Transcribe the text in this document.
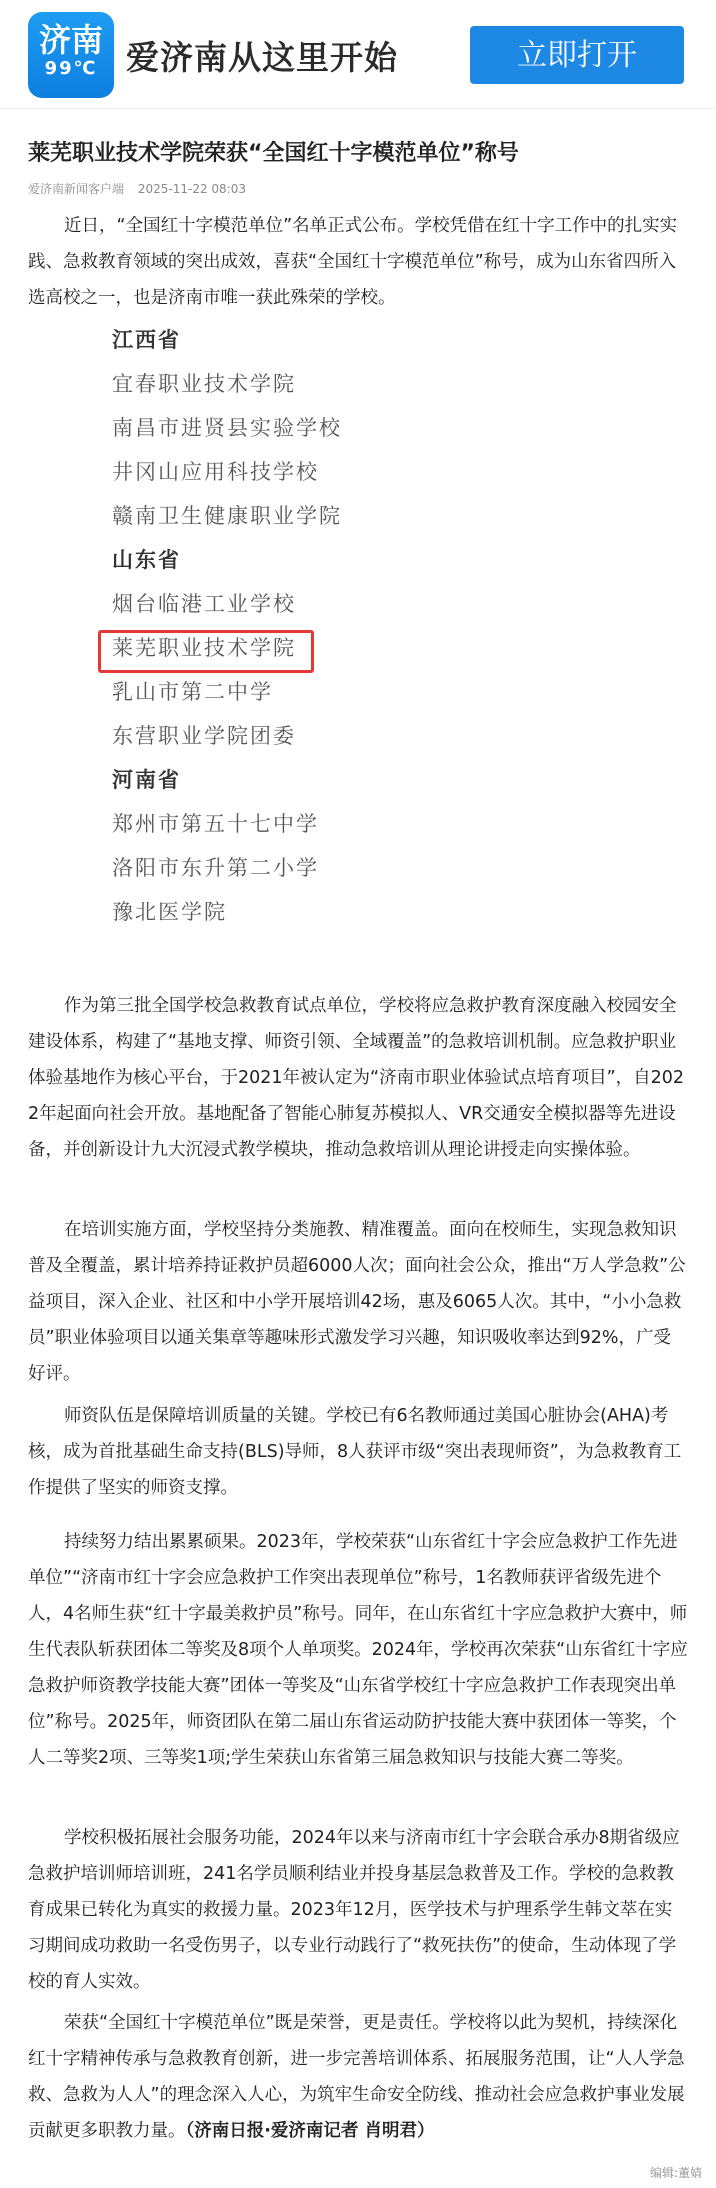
济南
99℃ 爱济南从这里开始	立即打开
莱芜职业技术学院荣获“全国红十字模范单位”称号
爱济南新闻客户端 2025-11-22 08:03

近日，“全国红十字模范单位”名单正式公布。学校凭借在红十字工作中的扎实实践、急救教育领域的突出成效，喜获“全国红十字模范单位”称号，成为山东省四所入选高校之一，也是济南市唯一获此殊荣的学校。

江西省
宜春职业技术学院
南昌市进贤县实验学校
井冈山应用科技学校
赣南卫生健康职业学院
山东省
烟台临港工业学校
莱芜职业技术学院
乳山市第二中学
东营职业学院团委
河南省
郑州市第五十七中学
洛阳市东升第二小学
豫北医学院

作为第三批全国学校急救教育试点单位，学校将应急救护教育深度融入校园安全建设体系，构建了“基地支撑、师资引领、全域覆盖”的急救培训机制。应急救护职业体验基地作为核心平台，于2021年被认定为“济南市职业体验试点培育项目”，自2022年起面向社会开放。基地配备了智能心肺复苏模拟人、VR交通安全模拟器等先进设备，并创新设计九大沉浸式教学模块，推动急救培训从理论讲授走向实操体验。

在培训实施方面，学校坚持分类施教、精准覆盖。面向在校师生，实现急救知识普及全覆盖，累计培养持证救护员超6000人次；面向社会公众，推出“万人学急救”公益项目，深入企业、社区和中小学开展培训42场，惠及6065人次。其中，“小小急救员”职业体验项目以通关集章等趣味形式激发学习兴趣，知识吸收率达到92%，广受好评。

师资队伍是保障培训质量的关键。学校已有6名教师通过美国心脏协会(AHA)考核，成为首批基础生命支持(BLS)导师，8人获评市级“突出表现师资”，为急救教育工作提供了坚实的师资支撑。

持续努力结出累累硕果。2023年，学校荣获“山东省红十字会应急救护工作先进单位”“济南市红十字会应急救护工作突出表现单位”称号，1名教师获评省级先进个人，4名师生获“红十字最美救护员”称号。同年，在山东省红十字应急救护大赛中，师生代表队斩获团体二等奖及8项个人单项奖。2024年，学校再次荣获“山东省红十字应急救护师资教学技能大赛”团体一等奖及“山东省学校红十字应急救护工作表现突出单位”称号。2025年，师资团队在第二届山东省运动防护技能大赛中获团体一等奖，个人二等奖2项、三等奖1项;学生荣获山东省第三届急救知识与技能大赛二等奖。

学校积极拓展社会服务功能，2024年以来与济南市红十字会联合承办8期省级应急救护培训师培训班，241名学员顺利结业并投身基层急救普及工作。学校的急救教育成果已转化为真实的救援力量。2023年12月，医学技术与护理系学生韩文萃在实习期间成功救助一名受伤男子，以专业行动践行了“救死扶伤”的使命，生动体现了学校的育人实效。

荣获“全国红十字模范单位”既是荣誉，更是责任。学校将以此为契机，持续深化红十字精神传承与急救教育创新，进一步完善培训体系、拓展服务范围，让“人人学急救、急救为人人”的理念深入人心，为筑牢生命安全防线、推动社会应急救护事业发展贡献更多职教力量。（济南日报·爱济南记者 肖明君）

编辑:董婧
